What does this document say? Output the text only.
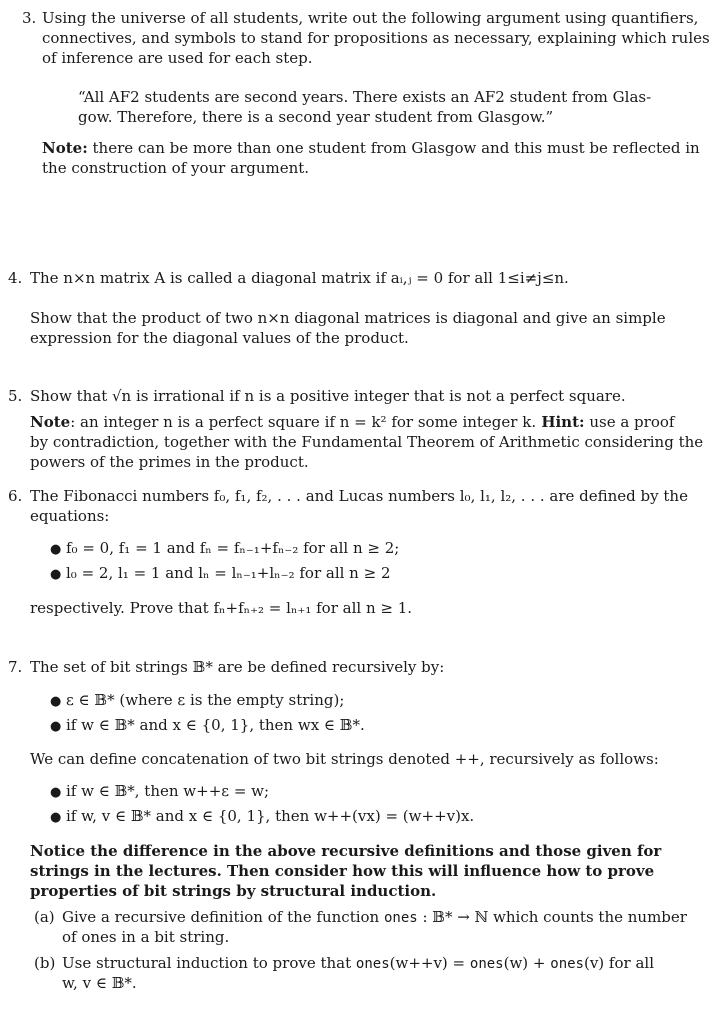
3. Using the universe of all students, write out the following argument using quantifiers,

connectives, and symbols to stand for propositions as necessary, explaining which rules

of inference are used for each step.

“All AF2 students are second years. There exists an AF2 student from Glas-

gow. Therefore, there is a second year student from Glasgow.”

Note: there can be more than one student from Glasgow and this must be reflected in

the construction of your argument.

4. The n×n matrix A is called a diagonal matrix if aᵢ,ⱼ = 0 for all 1≤i≠j≤n.

Show that the product of two n×n diagonal matrices is diagonal and give an simple

expression for the diagonal values of the product.

5. Show that √n is irrational if n is a positive integer that is not a perfect square.

Note: an integer n is a perfect square if n = k² for some integer k. Hint: use a proof

by contradiction, together with the Fundamental Theorem of Arithmetic considering the

powers of the primes in the product.

6. The Fibonacci numbers f₀, f₁, f₂, . . . and Lucas numbers l₀, l₁, l₂, . . . are defined by the

equations:

● f₀ = 0, f₁ = 1 and fₙ = fₙ₋₁+fₙ₋₂ for all n ≥ 2;

● l₀ = 2, l₁ = 1 and lₙ = lₙ₋₁+lₙ₋₂ for all n ≥ 2

respectively. Prove that fₙ+fₙ₊₂ = lₙ₊₁ for all n ≥ 1.

7. The set of bit strings 𝔹* are be defined recursively by:

● ε ∈ 𝔹* (where ε is the empty string);

● if w ∈ 𝔹* and x ∈ {0, 1}, then wx ∈ 𝔹*.

We can define concatenation of two bit strings denoted ++, recursively as follows:

● if w ∈ 𝔹*, then w++ε = w;

● if w, v ∈ 𝔹* and x ∈ {0, 1}, then w++(vx) = (w++v)x.

Notice the difference in the above recursive definitions and those given for

strings in the lectures. Then consider how this will influence how to prove

properties of bit strings by structural induction.

(a) Give a recursive definition of the function ones : 𝔹* → ℕ which counts the number

of ones in a bit string.

(b) Use structural induction to prove that ones(w++v) = ones(w) + ones(v) for all

w, v ∈ 𝔹*.
